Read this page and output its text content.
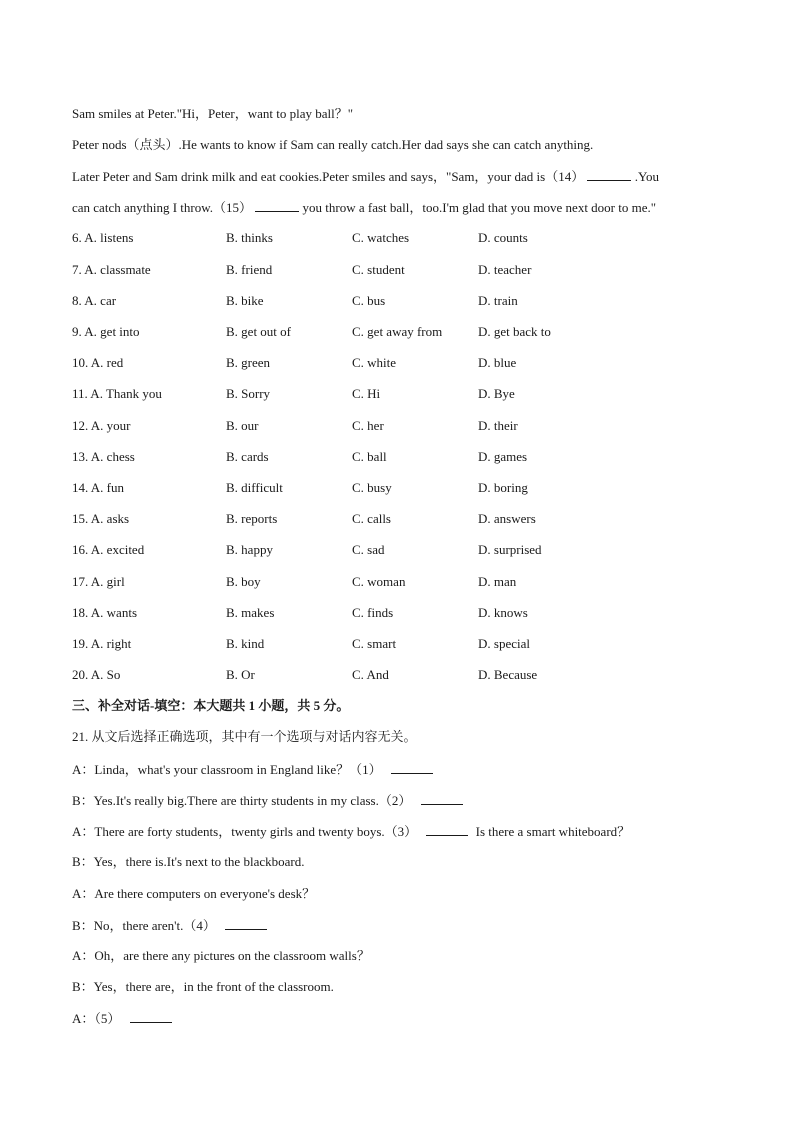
Sam smiles at Peter."Hi，Peter，want to play ball？"
Peter nods（点头）.He wants to know if Sam can really catch.Her dad says she can catch anything.
Later Peter and Sam drink milk and eat cookies.Peter smiles and says，"Sam，your dad is（14）	.You
can catch anything I throw.（15）	you throw a fast ball，too.I'm glad that you move next door to me."
6. A. listens	B. thinks	C. watches	D. counts
7. A. classmate	B. friend	C. student	D. teacher
8. A. car	B. bike	C. bus	D. train
9. A. get into	B. get out of	C. get away from	D. get back to
10. A. red	B. green	C. white	D. blue
11. A. Thank you	B. Sorry	C. Hi	D. Bye
12. A. your	B. our	C. her	D. their
13. A. chess	B. cards	C. ball	D. games
14. A. fun	B. difficult	C. busy	D. boring
15. A. asks	B. reports	C. calls	D. answers
16. A. excited	B. happy	C. sad	D. surprised
17. A. girl	B. boy	C. woman	D. man
18. A. wants	B. makes	C. finds	D. knows
19. A. right	B. kind	C. smart	D. special
20. A. So	B. Or	C. And	D. Because
三、补全对话-填空：本大题共 1 小题，共 5 分。
21. 从文后选择正确选项，其中有一个选项与对话内容无关。
A：Linda，what's your classroom in England like？（1）
B：Yes.It's really big.There are thirty students in my class.（2）
A：There are forty students，twenty girls and twenty boys.（3）	Is there a smart whiteboard？
B：Yes，there is.It's next to the blackboard.
A：Are there computers on everyone's desk？
B：No，there aren't.（4）
A：Oh，are there any pictures on the classroom walls？
B：Yes，there are，in the front of the classroom.
A：（5）
